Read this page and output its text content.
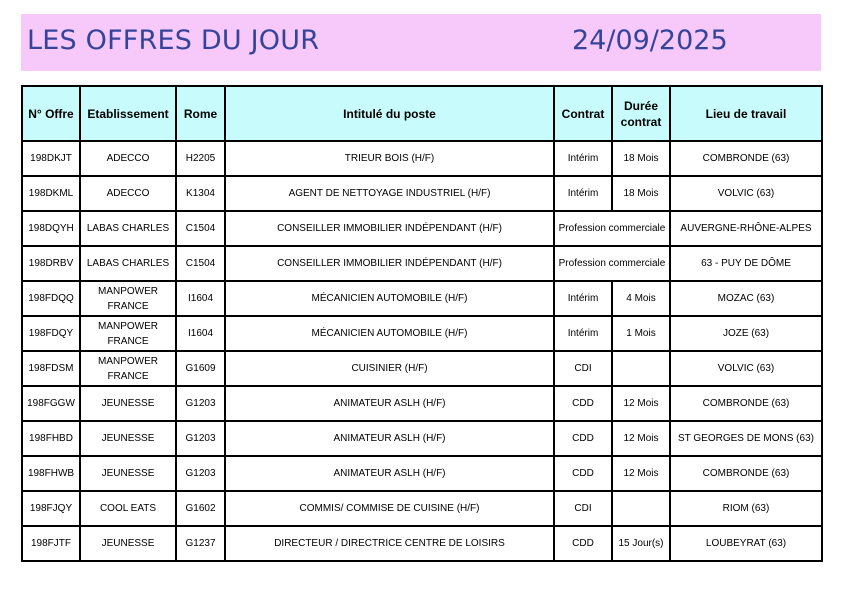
LES OFFRES DU JOUR	24/09/2025
N° Offre	Etablissement	Rome	Intitulé du poste	Contrat	Durée contrat	Lieu de travail
198DKJT	ADECCO	H2205	TRIEUR BOIS (H/F)	Intérim	18 Mois	COMBRONDE (63)
198DKML	ADECCO	K1304	AGENT DE NETTOYAGE INDUSTRIEL (H/F)	Intérim	18 Mois	VOLVIC (63)
198DQYH	LABAS CHARLES	C1504	CONSEILLER IMMOBILIER INDÉPENDANT (H/F)	Profession commerciale		AUVERGNE-RHÔNE-ALPES
198DRBV	LABAS CHARLES	C1504	CONSEILLER IMMOBILIER INDÉPENDANT (H/F)	Profession commerciale		63 - PUY DE DÔME
198FDQQ	MANPOWER FRANCE	I1604	MÉCANICIEN AUTOMOBILE (H/F)	Intérim	4 Mois	MOZAC (63)
198FDQY	MANPOWER FRANCE	I1604	MÉCANICIEN AUTOMOBILE (H/F)	Intérim	1 Mois	JOZE (63)
198FDSM	MANPOWER FRANCE	G1609	CUISINIER (H/F)	CDI		VOLVIC (63)
198FGGW	JEUNESSE	G1203	ANIMATEUR ASLH (H/F)	CDD	12 Mois	COMBRONDE (63)
198FHBD	JEUNESSE	G1203	ANIMATEUR ASLH (H/F)	CDD	12 Mois	ST GEORGES DE MONS (63)
198FHWB	JEUNESSE	G1203	ANIMATEUR ASLH (H/F)	CDD	12 Mois	COMBRONDE (63)
198FJQY	COOL EATS	G1602	COMMIS/ COMMISE DE CUISINE (H/F)	CDI		RIOM (63)
198FJTF	JEUNESSE	G1237	DIRECTEUR / DIRECTRICE CENTRE DE LOISIRS	CDD	15 Jour(s)	LOUBEYRAT (63)
